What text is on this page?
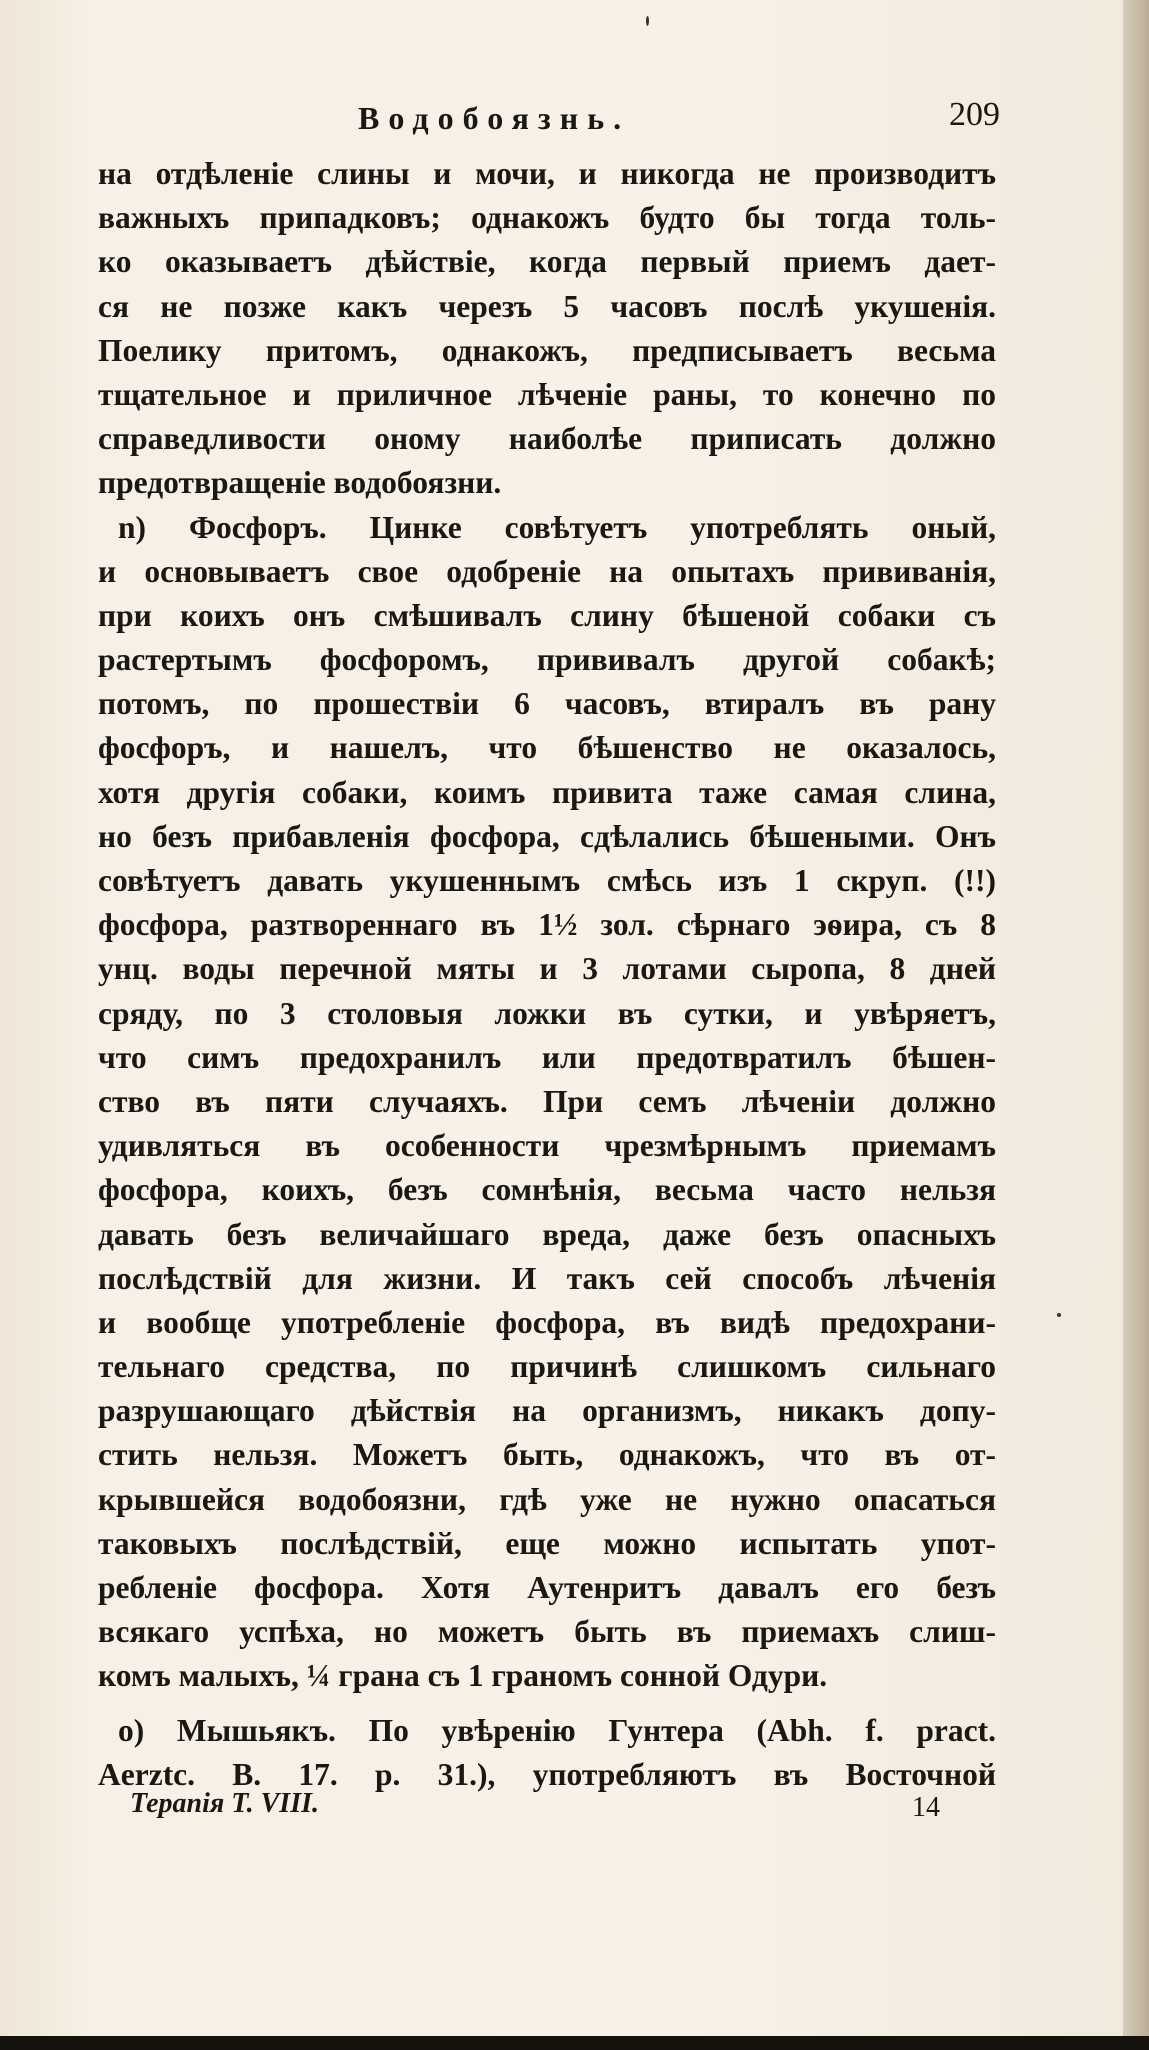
Водобоязнь.	209
на отдѣленіе слины и мочи, и никогда не производитъ
важныхъ припадковъ; однакожъ будто бы тогда толь-
ко оказываетъ дѣйствіе, когда первый приемъ дает-
ся не позже какъ черезъ 5 часовъ послѣ укушенія.
Поелику притомъ, однакожъ, предписываетъ весьма
тщательное и приличное лѣченіе раны, то конечно по
справедливости оному наиболѣе приписать должно
предотвращеніе водобоязни.
n) Фосфоръ. Цинке совѣтуетъ употреблять оный,
и основываетъ свое одобреніе на опытахъ прививанія,
при коихъ онъ смѣшивалъ слину бѣшеной собаки съ
растертымъ фосфоромъ, прививалъ другой собакѣ;
потомъ, по прошествіи 6 часовъ, втиралъ въ рану
фосфоръ, и нашелъ, что бѣшенство не оказалось,
хотя другія собаки, коимъ привита таже самая слина,
но безъ прибавленія фосфора, сдѣлались бѣшеными. Онъ
совѣтуетъ давать укушеннымъ смѣсь изъ 1 скруп. (!!)
фосфора, разтвореннаго въ 1½ зол. сѣрнаго эѳира, съ 8
унц. воды перечной мяты и 3 лотами сыропа, 8 дней
сряду, по 3 столовыя ложки въ сутки, и увѣряетъ,
что симъ предохранилъ или предотвратилъ бѣшен-
ство въ пяти случаяхъ. При семъ лѣченіи должно
удивляться въ особенности чрезмѣрнымъ приемамъ
фосфора, коихъ, безъ сомнѣнія, весьма часто нельзя
давать безъ величайшаго вреда, даже безъ опасныхъ
послѣдствій для жизни. И такъ сей способъ лѣченія
и вообще употребленіе фосфора, въ видѣ предохрани-
тельнаго средства, по причинѣ слишкомъ сильнаго
разрушающаго дѣйствія на организмъ, никакъ допу-
стить нельзя. Можетъ быть, однакожъ, что въ от-
крывшейся водобоязни, гдѣ уже не нужно опасаться
таковыхъ послѣдствій, еще можно испытать упот-
ребленіе фосфора. Хотя Аутенритъ давалъ его безъ
всякаго успѣха, но можетъ быть въ приемахъ слиш-
комъ малыхъ, ¼ грана съ 1 граномъ сонной Одури.
o) Мышьякъ. По увѣренію Гунтера (Abh. f. pract.
Aerztc. B. 17. p. 31.), употребляютъ въ Восточной
Терапія Т. VIII.	14
